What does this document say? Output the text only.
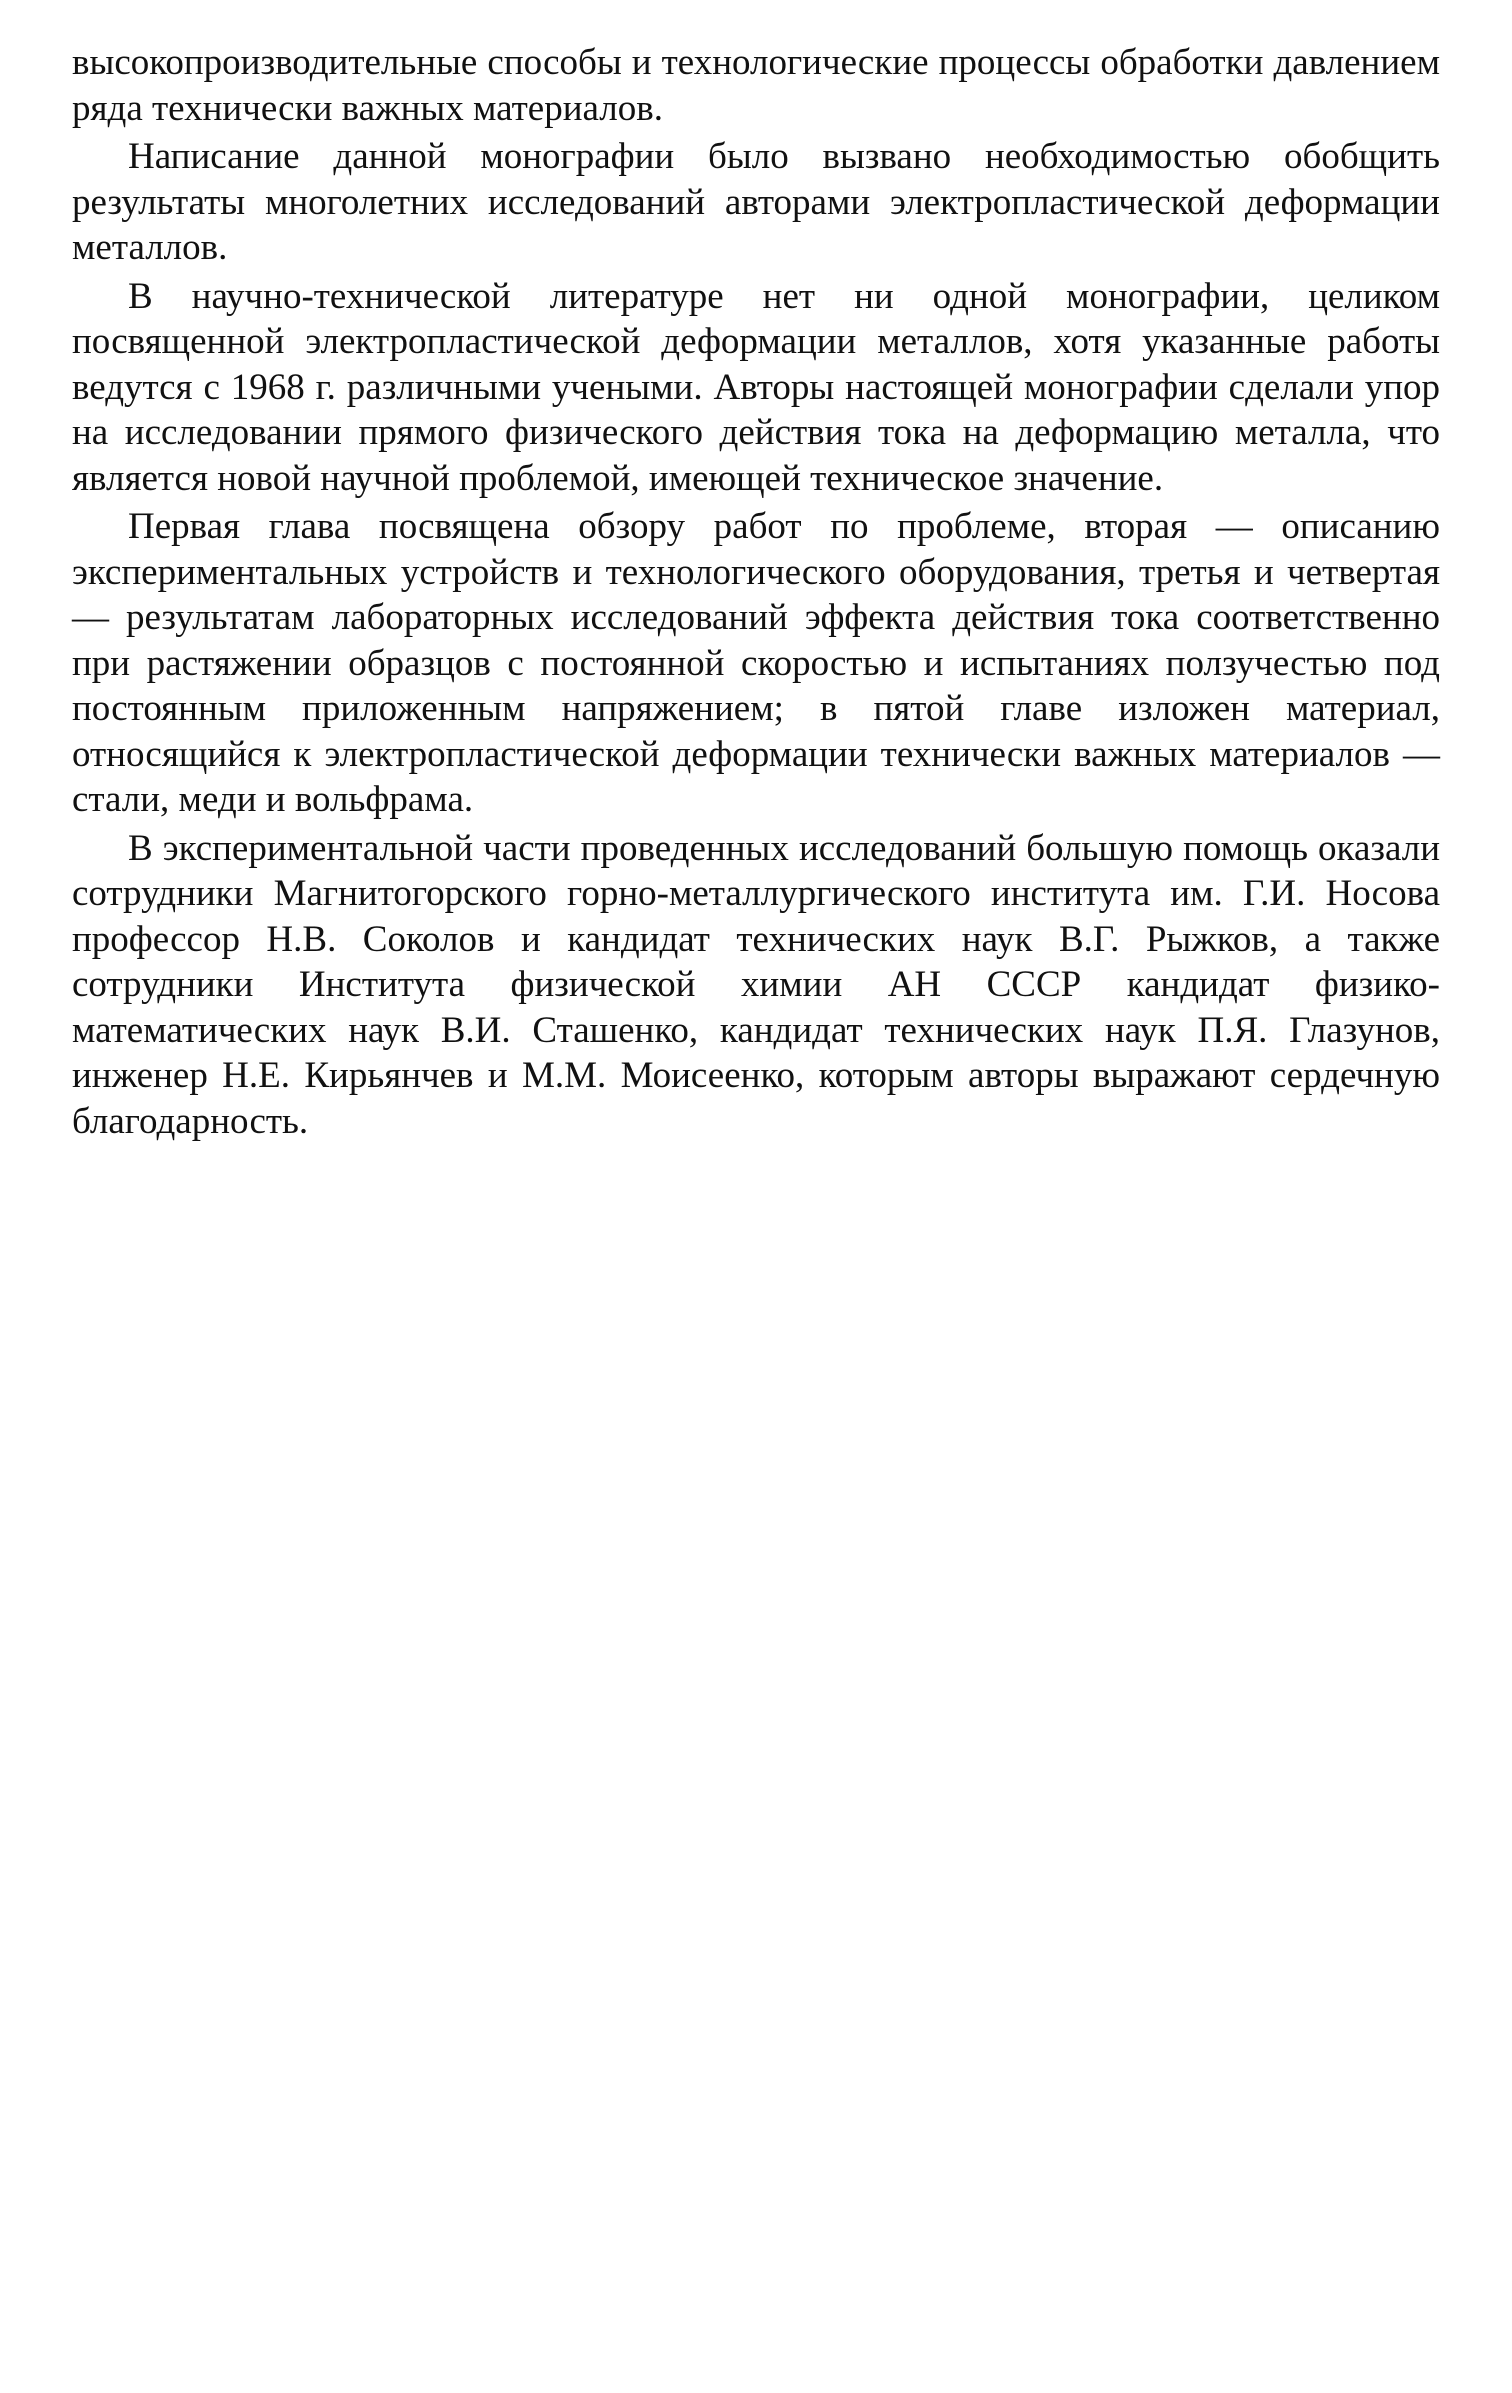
высокопроизводительные способы и технологические процессы обработки давлением ряда технически важных материалов.

Написание данной монографии было вызвано необходимостью обобщить результаты многолетних исследований авторами электропластической деформации металлов.

В научно-технической литературе нет ни одной монографии, целиком посвященной электропластической деформации металлов, хотя указанные работы ведутся с 1968 г. различными учеными. Авторы настоящей монографии сделали упор на исследовании прямого физического действия тока на деформацию металла, что является новой научной проблемой, имеющей техническое значение.

Первая глава посвящена обзору работ по проблеме, вторая — описанию экспериментальных устройств и технологического оборудования, третья и четвертая — результатам лабораторных исследований эффекта действия тока соответственно при растяжении образцов с постоянной скоростью и испытаниях ползучестью под постоянным приложенным напряжением; в пятой главе изложен материал, относящийся к электропластической деформации технически важных материалов — стали, меди и вольфрама.

В экспериментальной части проведенных исследований большую помощь оказали сотрудники Магнитогорского горно-металлургического института им. Г.И. Носова профессор Н.В. Соколов и кандидат технических наук В.Г. Рыжков, а также сотрудники Института физической химии АН СССР кандидат физико-математических наук В.И. Сташенко, кандидат технических наук П.Я. Глазунов, инженер Н.Е. Кирьянчев и М.М. Моисеенко, которым авторы выражают сердечную благодарность.
